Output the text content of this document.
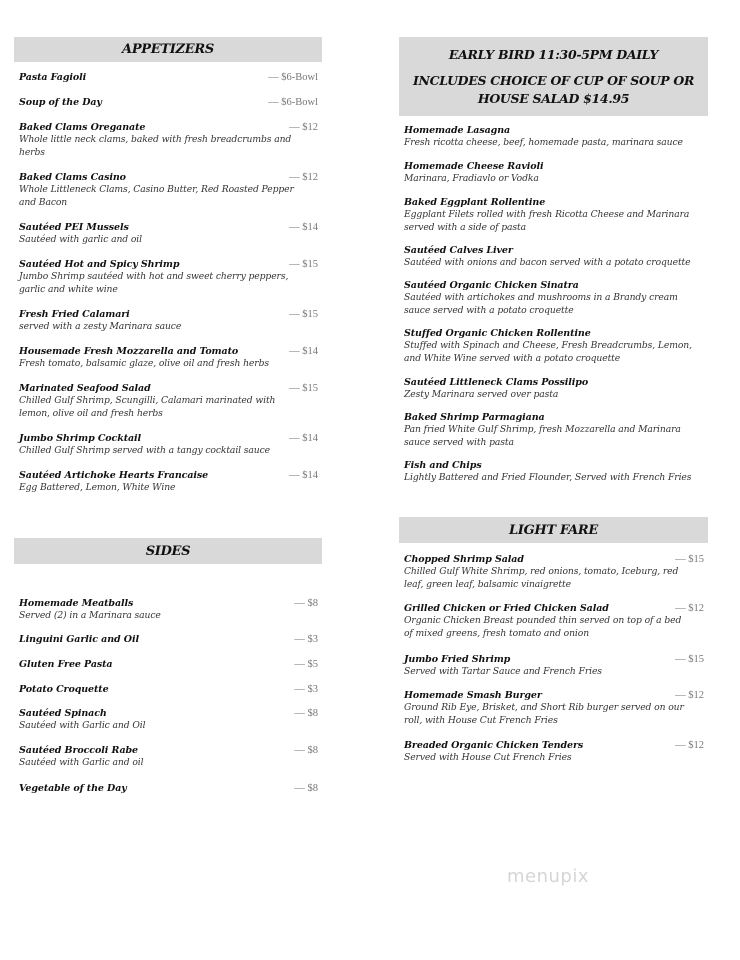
APPETIZERS
Pasta Fagioli	— $6-Bowl
Soup of the Day	— $6-Bowl
Baked Clams Oreganate
Whole little neck clams, baked with fresh breadcrumbs and herbs
— $12
Baked Clams Casino
Whole Littleneck Clams, Casino Butter, Red Roasted Pepper and Bacon
— $12
Sautéed PEI Mussels
Sautéed with garlic and oil
— $14
Sautéed Hot and Spicy Shrimp
Jumbo Shrimp sautéed with hot and sweet cherry peppers, garlic and white wine
— $15
Fresh Fried Calamari
served with a zesty Marinara sauce
— $15
Housemade Fresh Mozzarella and Tomato
Fresh tomato, balsamic glaze, olive oil and fresh herbs
— $14
Marinated Seafood Salad
Chilled Gulf Shrimp, Scungilli, Calamari marinated with lemon, olive oil and fresh herbs
— $15
Jumbo Shrimp Cocktail
Chilled Gulf Shrimp served with a tangy cocktail sauce
— $14
Sautéed Artichoke Hearts Francaise
Egg Battered, Lemon, White Wine
— $14
SIDES
Homemade Meatballs
Served (2) in a Marinara sauce
— $8
Linguini Garlic and Oil	— $3
Gluten Free Pasta	— $5
Potato Croquette	— $3
Sautéed Spinach
Sautéed with Garlic and Oil
— $8
Sautéed Broccoli Rabe
Sautéed with Garlic and oil
— $8
Vegetable of the Day	— $8
EARLY BIRD 11:30-5PM DAILY
INCLUDES CHOICE OF CUP OF SOUP OR
HOUSE SALAD $14.95
Homemade Lasagna
Fresh ricotta cheese, beef, homemade pasta, marinara sauce
Homemade Cheese Ravioli
Marinara, Fradiavlo or Vodka
Baked Eggplant Rollentine
Eggplant Filets rolled with fresh Ricotta Cheese and Marinara served with a side of pasta
Sautéed Calves Liver
Sautéed with onions and bacon served with a potato croquette
Sautéed Organic Chicken Sinatra
Sautéed with artichokes and mushrooms in a Brandy cream sauce served with a potato croquette
Stuffed Organic Chicken Rollentine
Stuffed with Spinach and Cheese, Fresh Breadcrumbs, Lemon, and White Wine served with a potato croquette
Sautéed Littleneck Clams Possilipo
Zesty Marinara served over pasta
Baked Shrimp Parmagiana
Pan fried White Gulf Shrimp, fresh Mozzarella and Marinara sauce served with pasta
Fish and Chips
Lightly Battered and Fried Flounder, Served with French Fries
LIGHT FARE
Chopped Shrimp Salad
Chilled Gulf White Shrimp, red onions, tomato, Iceburg, red leaf, green leaf, balsamic vinaigrette
— $15
Grilled Chicken or Fried Chicken Salad
Organic Chicken Breast pounded thin served on top of a bed of mixed greens, fresh tomato and onion
— $12
Jumbo Fried Shrimp
Served with Tartar Sauce and French Fries
— $15
Homemade Smash Burger
Ground Rib Eye, Brisket, and Short Rib burger served on our roll, with House Cut French Fries
— $12
Breaded Organic Chicken Tenders
Served with House Cut French Fries
— $12
menupix
